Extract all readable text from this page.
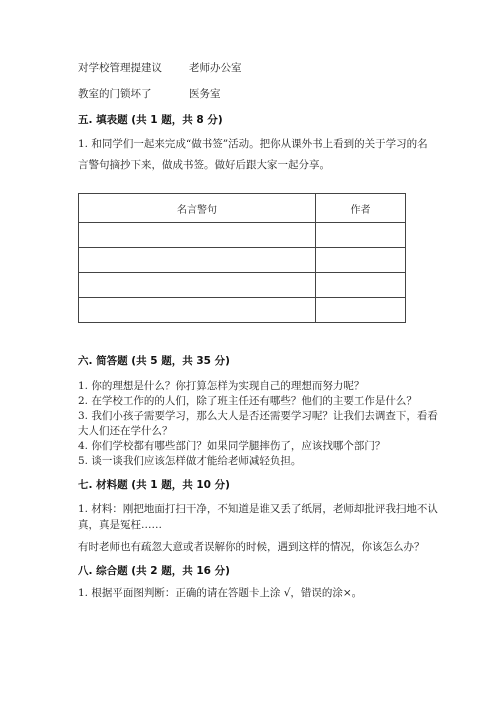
对学校管理提建议	老师办公室
教室的门锁坏了	医务室
五. 填表题 (共 1 题，共 8 分)
1. 和同学们一起来完成“做书签”活动。把你从课外书上看到的关于学习的名
言警句摘抄下来，做成书签。做好后跟大家一起分享。
名言警句	作者

六. 简答题 (共 5 题，共 35 分)
1. 你的理想是什么？你打算怎样为实现自己的理想而努力呢？
2. 在学校工作的的人们，除了班主任还有哪些？他们的主要工作是什么？
3. 我们小孩子需要学习，那么大人是否还需要学习呢？让我们去调查下，看看
大人们还在学什么？
4. 你们学校都有哪些部门？如果同学腿摔伤了，应该找哪个部门？
5. 谈一谈我们应该怎样做才能给老师减轻负担。
七. 材料题 (共 1 题，共 10 分)
1. 材料：刚把地面打扫干净，不知道是谁又丢了纸屑，老师却批评我扫地不认
真，真是冤枉……
有时老师也有疏忽大意或者误解你的时候，遇到这样的情况，你该怎么办？
八. 综合题 (共 2 题，共 16 分)
1. 根据平面图判断：正确的请在答题卡上涂 √，错误的涂×。
